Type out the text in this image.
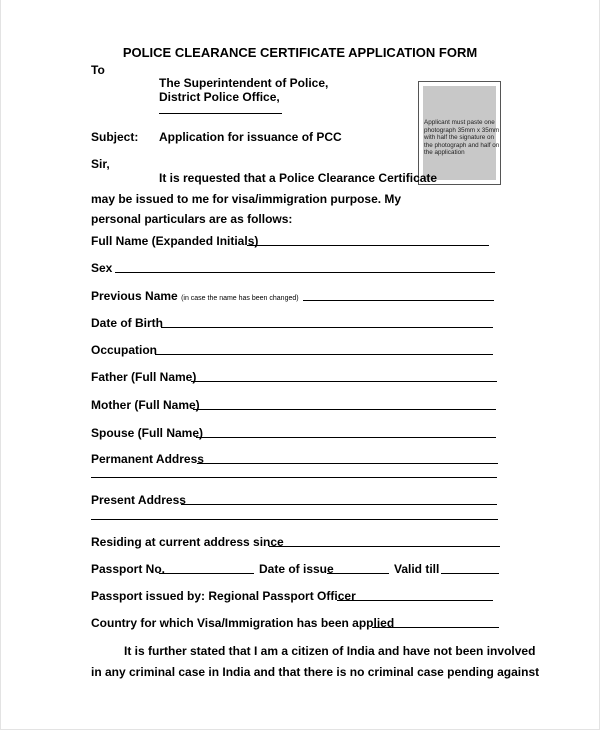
POLICE CLEARANCE CERTIFICATE APPLICATION FORM
To
The Superintendent of Police,
District Police Office,
Subject: Application for issuance of PCC
Applicant must paste one photograph 35mm x 35mm with half the signature on the photograph and half on the application
Sir,
It is requested that a Police Clearance Certificate
may be issued to me for visa/immigration purpose. My
personal particulars are as follows:
Full Name (Expanded Initials)
Sex
Previous Name (in case the name has been changed)
Date of Birth
Occupation
Father (Full Name)
Mother (Full Name)
Spouse (Full Name)
Permanent Address
Present Address
Residing at current address since
Passport No.	Date of issue	Valid till
Passport issued by: Regional Passport Officer
Country for which Visa/Immigration has been applied
It is further stated that I am a citizen of India and have not been involved
in any criminal case in India and that there is no criminal case pending against
